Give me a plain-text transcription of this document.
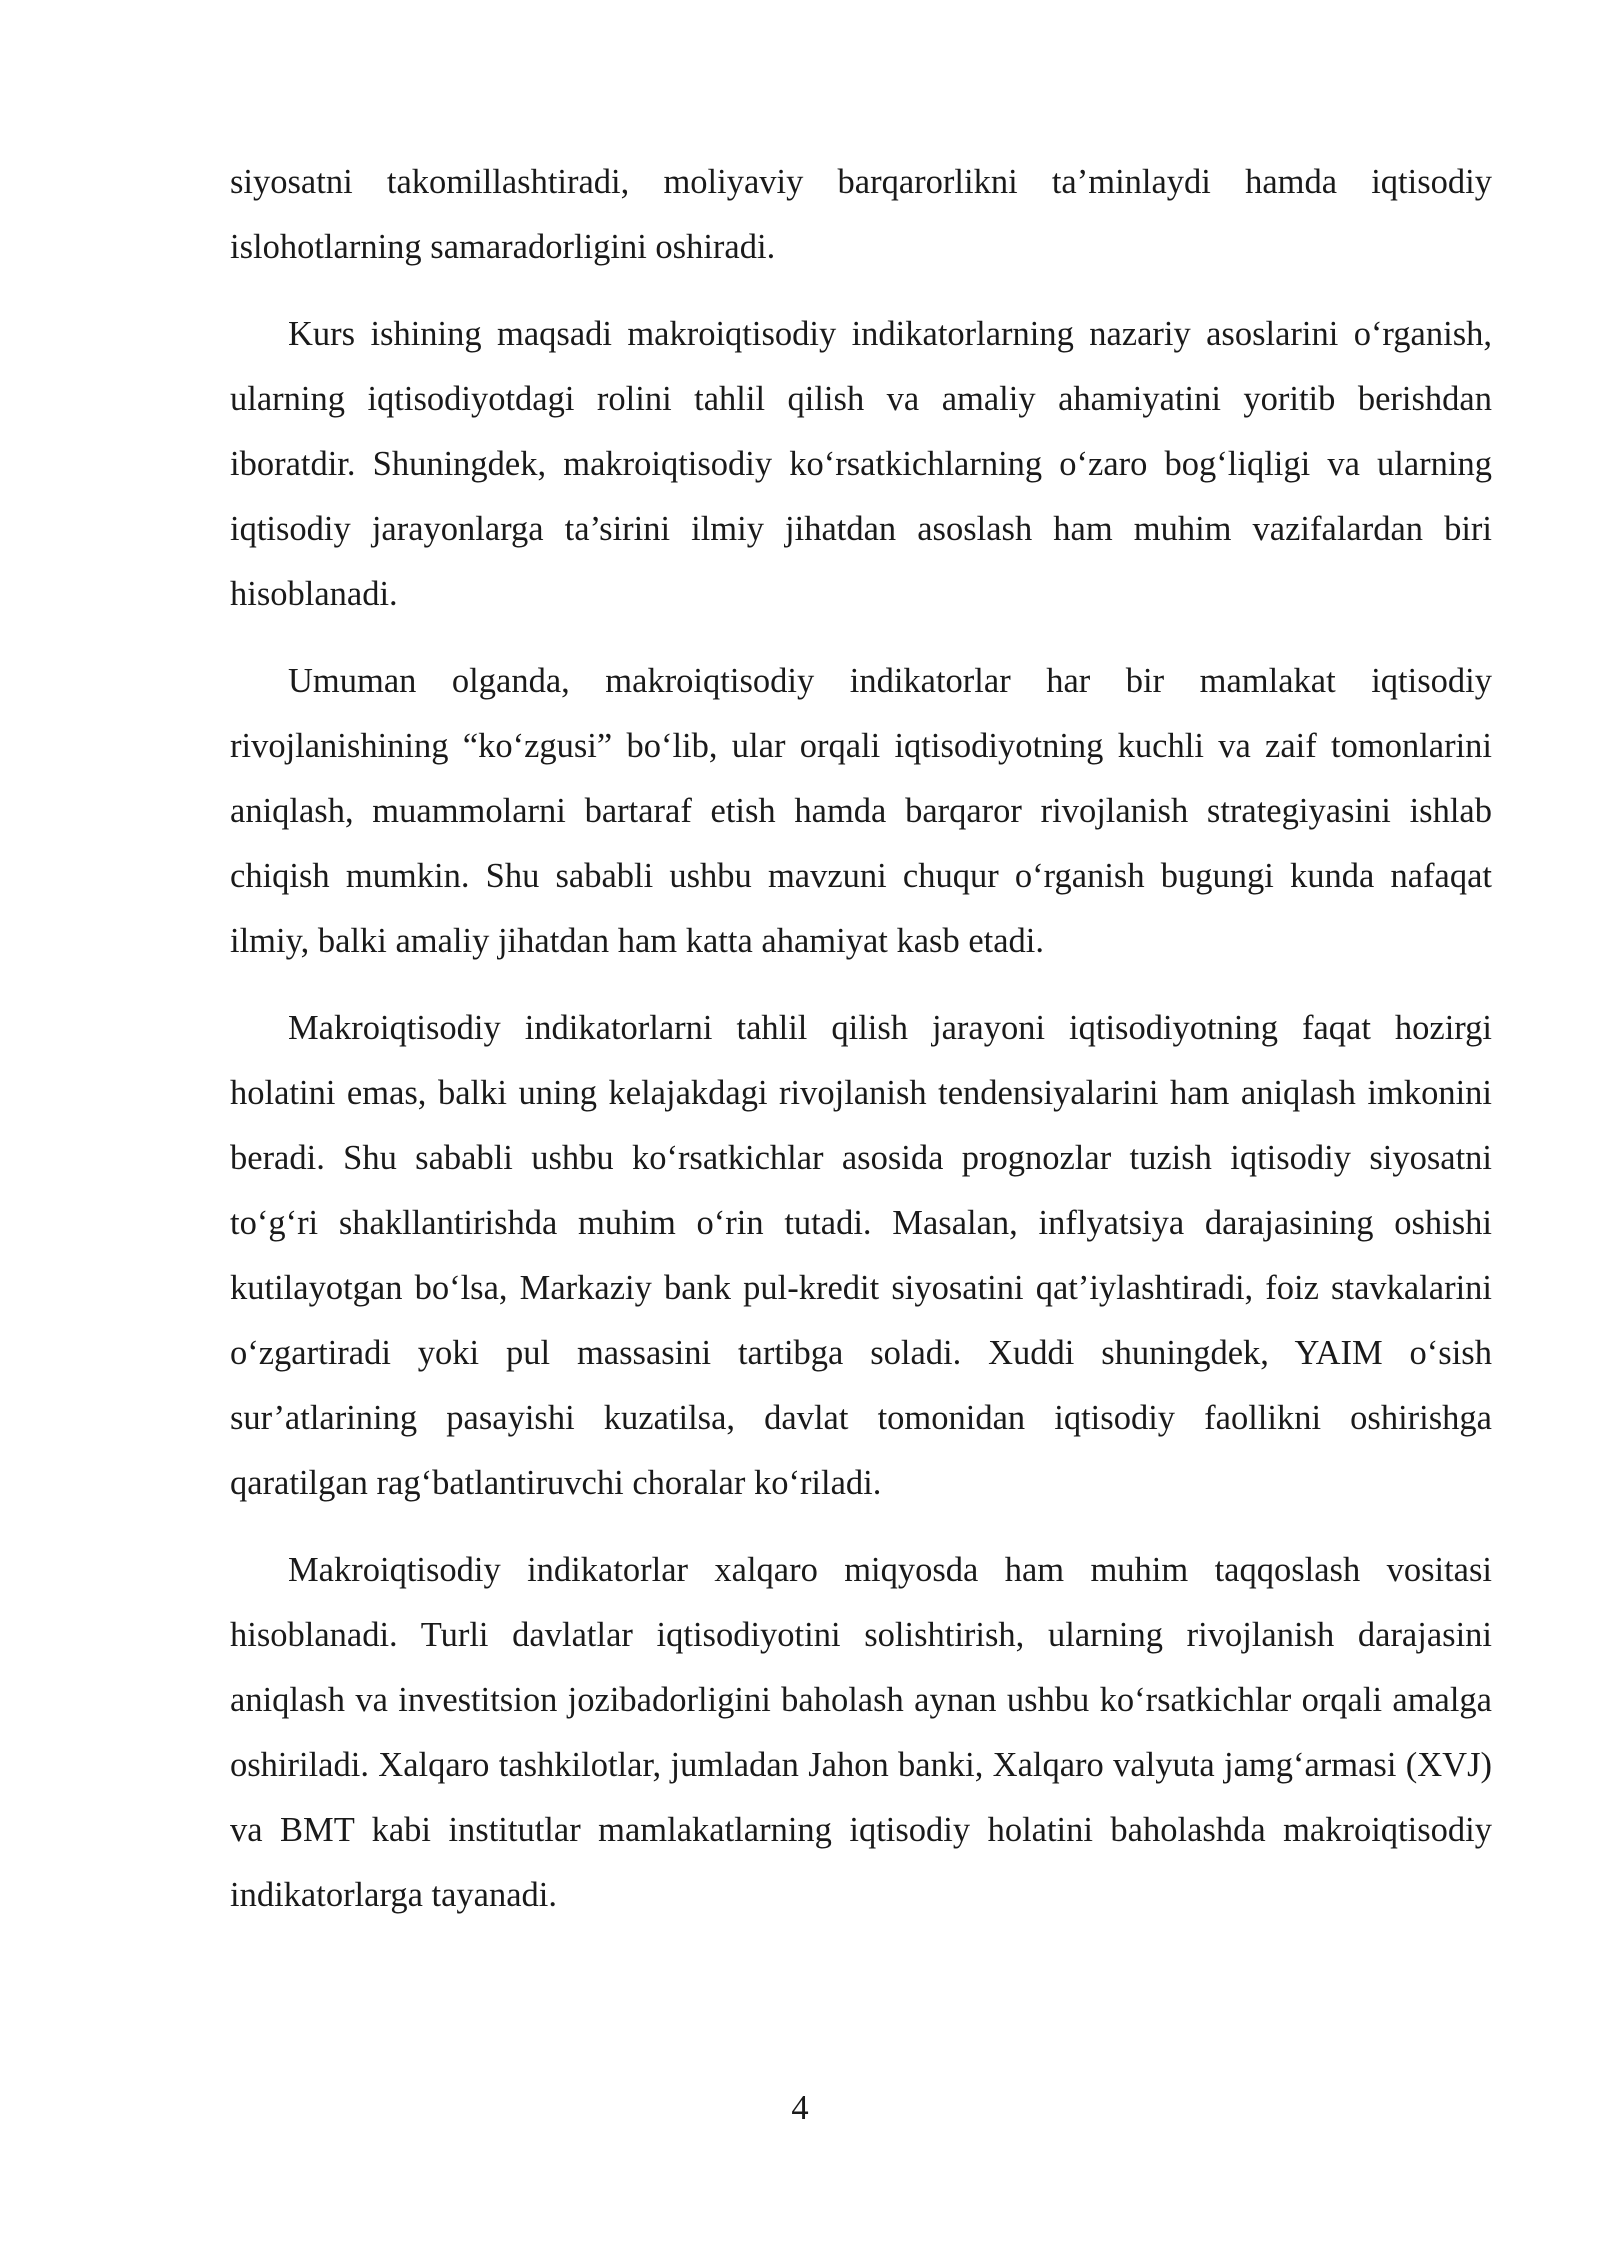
siyosatni takomillashtiradi, moliyaviy barqarorlikni ta’minlaydi hamda iqtisodiy islohotlarning samaradorligini oshiradi.

Kurs ishining maqsadi makroiqtisodiy indikatorlarning nazariy asoslarini o‘rganish, ularning iqtisodiyotdagi rolini tahlil qilish va amaliy ahamiyatini yoritib berishdan iboratdir. Shuningdek, makroiqtisodiy ko‘rsatkichlarning o‘zaro bog‘liqligi va ularning iqtisodiy jarayonlarga ta’sirini ilmiy jihatdan asoslash ham muhim vazifalardan biri hisoblanadi.

Umuman olganda, makroiqtisodiy indikatorlar har bir mamlakat iqtisodiy rivojlanishining “ko‘zgusi” bo‘lib, ular orqali iqtisodiyotning kuchli va zaif tomonlarini aniqlash, muammolarni bartaraf etish hamda barqaror rivojlanish strategiyasini ishlab chiqish mumkin. Shu sababli ushbu mavzuni chuqur o‘rganish bugungi kunda nafaqat ilmiy, balki amaliy jihatdan ham katta ahamiyat kasb etadi.

Makroiqtisodiy indikatorlarni tahlil qilish jarayoni iqtisodiyotning faqat hozirgi holatini emas, balki uning kelajakdagi rivojlanish tendensiyalarini ham aniqlash imkonini beradi. Shu sababli ushbu ko‘rsatkichlar asosida prognozlar tuzish iqtisodiy siyosatni to‘g‘ri shakllantirishda muhim o‘rin tutadi. Masalan, inflyatsiya darajasining oshishi kutilayotgan bo‘lsa, Markaziy bank pul-kredit siyosatini qat’iylashtiradi, foiz stavkalarini o‘zgartiradi yoki pul massasini tartibga soladi. Xuddi shuningdek, YAIM o‘sish sur’atlarining pasayishi kuzatilsa, davlat tomonidan iqtisodiy faollikni oshirishga qaratilgan rag‘batlantiruvchi choralar ko‘riladi.

Makroiqtisodiy indikatorlar xalqaro miqyosda ham muhim taqqoslash vositasi hisoblanadi. Turli davlatlar iqtisodiyotini solishtirish, ularning rivojlanish darajasini aniqlash va investitsion jozibadorligini baholash aynan ushbu ko‘rsatkichlar orqali amalga oshiriladi. Xalqaro tashkilotlar, jumladan Jahon banki, Xalqaro valyuta jamg‘armasi (XVJ) va BMT kabi institutlar mamlakatlarning iqtisodiy holatini baholashda makroiqtisodiy indikatorlarga tayanadi.

4
